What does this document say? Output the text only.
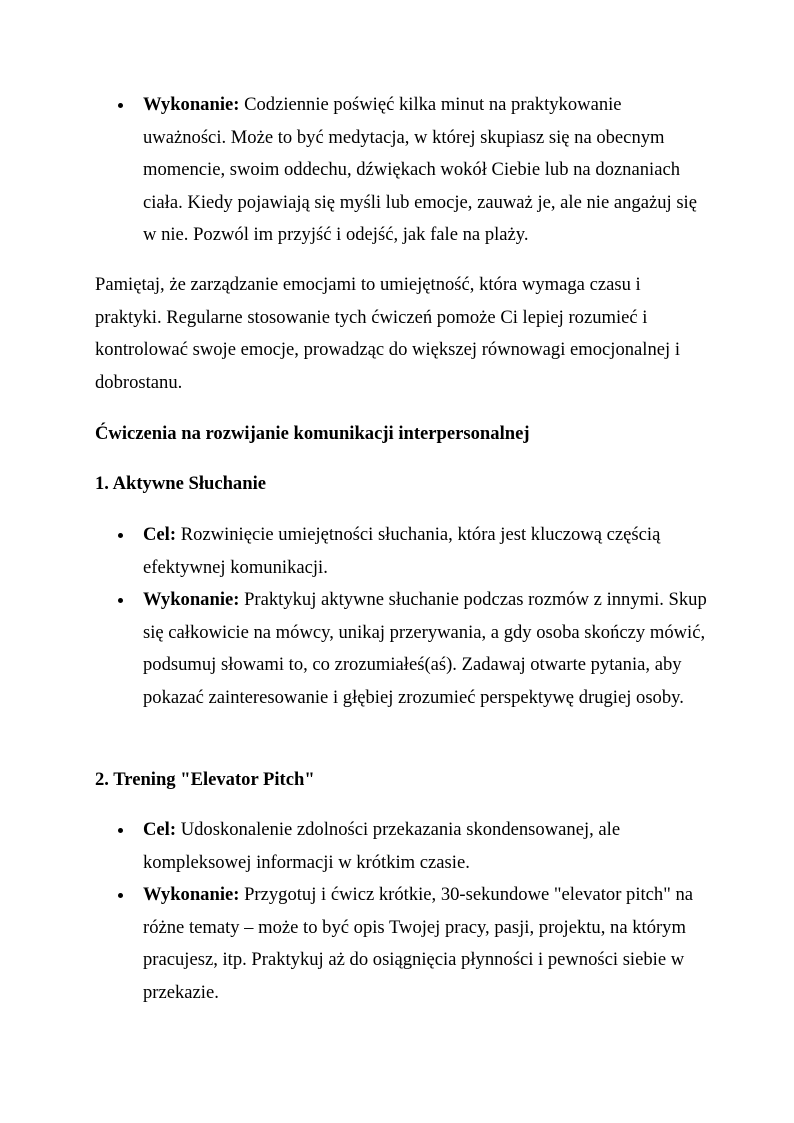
Wykonanie: Codziennie poświęć kilka minut na praktykowanie uważności. Może to być medytacja, w której skupiasz się na obecnym momencie, swoim oddechu, dźwiękach wokół Ciebie lub na doznaniach ciała. Kiedy pojawiają się myśli lub emocje, zauważ je, ale nie angażuj się w nie. Pozwól im przyjść i odejść, jak fale na plaży.

Pamiętaj, że zarządzanie emocjami to umiejętność, która wymaga czasu i praktyki. Regularne stosowanie tych ćwiczeń pomoże Ci lepiej rozumieć i kontrolować swoje emocje, prowadząc do większej równowagi emocjonalnej i dobrostanu.

Ćwiczenia na rozwijanie komunikacji interpersonalnej

1. Aktywne Słuchanie

Cel: Rozwinięcie umiejętności słuchania, która jest kluczową częścią efektywnej komunikacji.
Wykonanie: Praktykuj aktywne słuchanie podczas rozmów z innymi. Skup się całkowicie na mówcy, unikaj przerywania, a gdy osoba skończy mówić, podsumuj słowami to, co zrozumiałeś(aś). Zadawaj otwarte pytania, aby pokazać zainteresowanie i głębiej zrozumieć perspektywę drugiej osoby.

2. Trening "Elevator Pitch"

Cel: Udoskonalenie zdolności przekazania skondensowanej, ale kompleksowej informacji w krótkim czasie.
Wykonanie: Przygotuj i ćwicz krótkie, 30-sekundowe "elevator pitch" na różne tematy – może to być opis Twojej pracy, pasji, projektu, na którym pracujesz, itp. Praktykuj aż do osiągnięcia płynności i pewności siebie w przekazie.
